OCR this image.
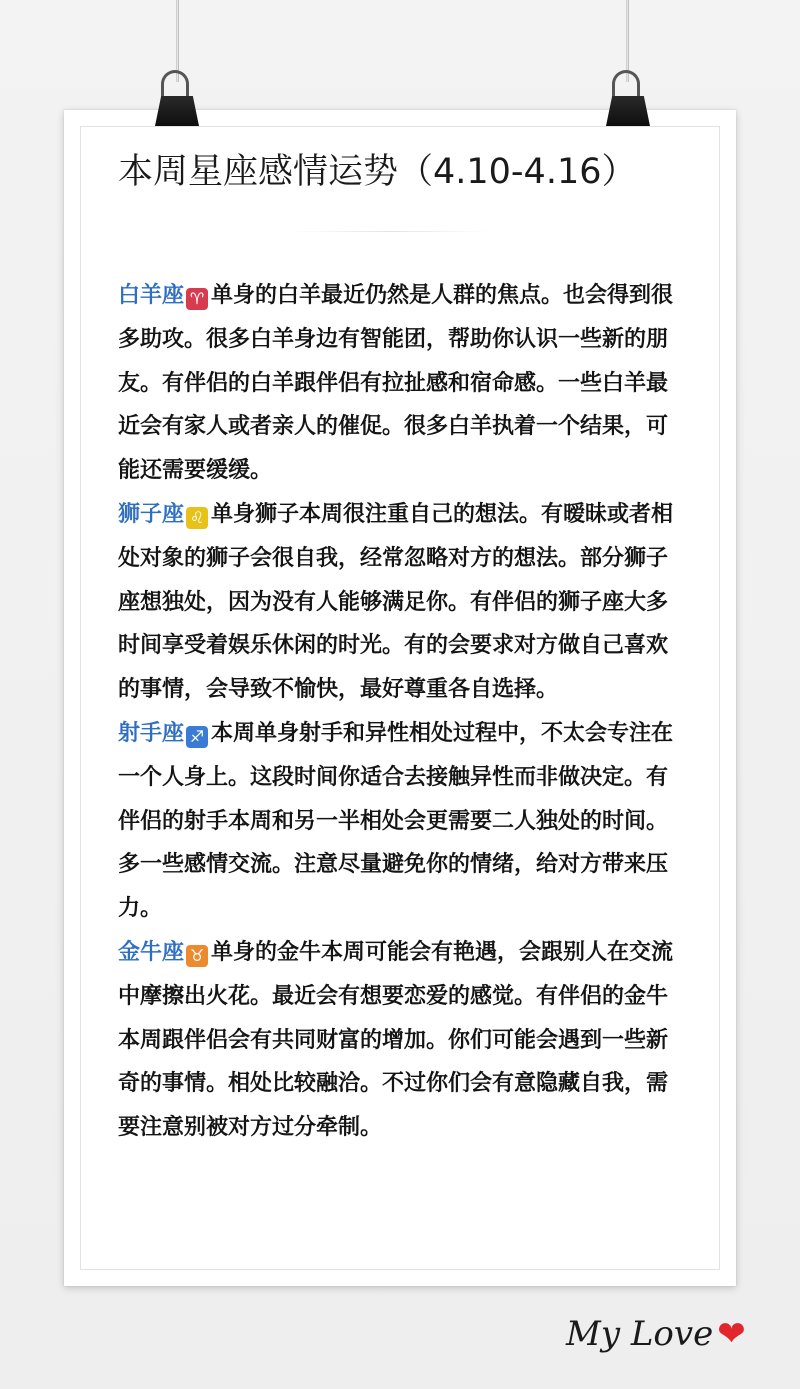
本周星座感情运势（4.10-4.16）

白羊座 ♈ 单身的白羊最近仍然是人群的焦点。也会得到很多助攻。很多白羊身边有智能团，帮助你认识一些新的朋友。有伴侣的白羊跟伴侣有拉扯感和宿命感。一些白羊最近会有家人或者亲人的催促。很多白羊执着一个结果，可能还需要缓缓。

狮子座 ♌ 单身狮子本周很注重自己的想法。有暧昧或者相处对象的狮子会很自我，经常忽略对方的想法。部分狮子座想独处，因为没有人能够满足你。有伴侣的狮子座大多时间享受着娱乐休闲的时光。有的会要求对方做自己喜欢的事情，会导致不愉快，最好尊重各自选择。

射手座 ♐ 本周单身射手和异性相处过程中，不太会专注在一个人身上。这段时间你适合去接触异性而非做决定。有伴侣的射手本周和另一半相处会更需要二人独处的时间。多一些感情交流。注意尽量避免你的情绪，给对方带来压力。

金牛座 ♉ 单身的金牛本周可能会有艳遇，会跟别人在交流中摩擦出火花。最近会有想要恋爱的感觉。有伴侣的金牛本周跟伴侣会有共同财富的增加。你们可能会遇到一些新奇的事情。相处比较融洽。不过你们会有意隐藏自我，需要注意别被对方过分牵制。

My Love ❤
